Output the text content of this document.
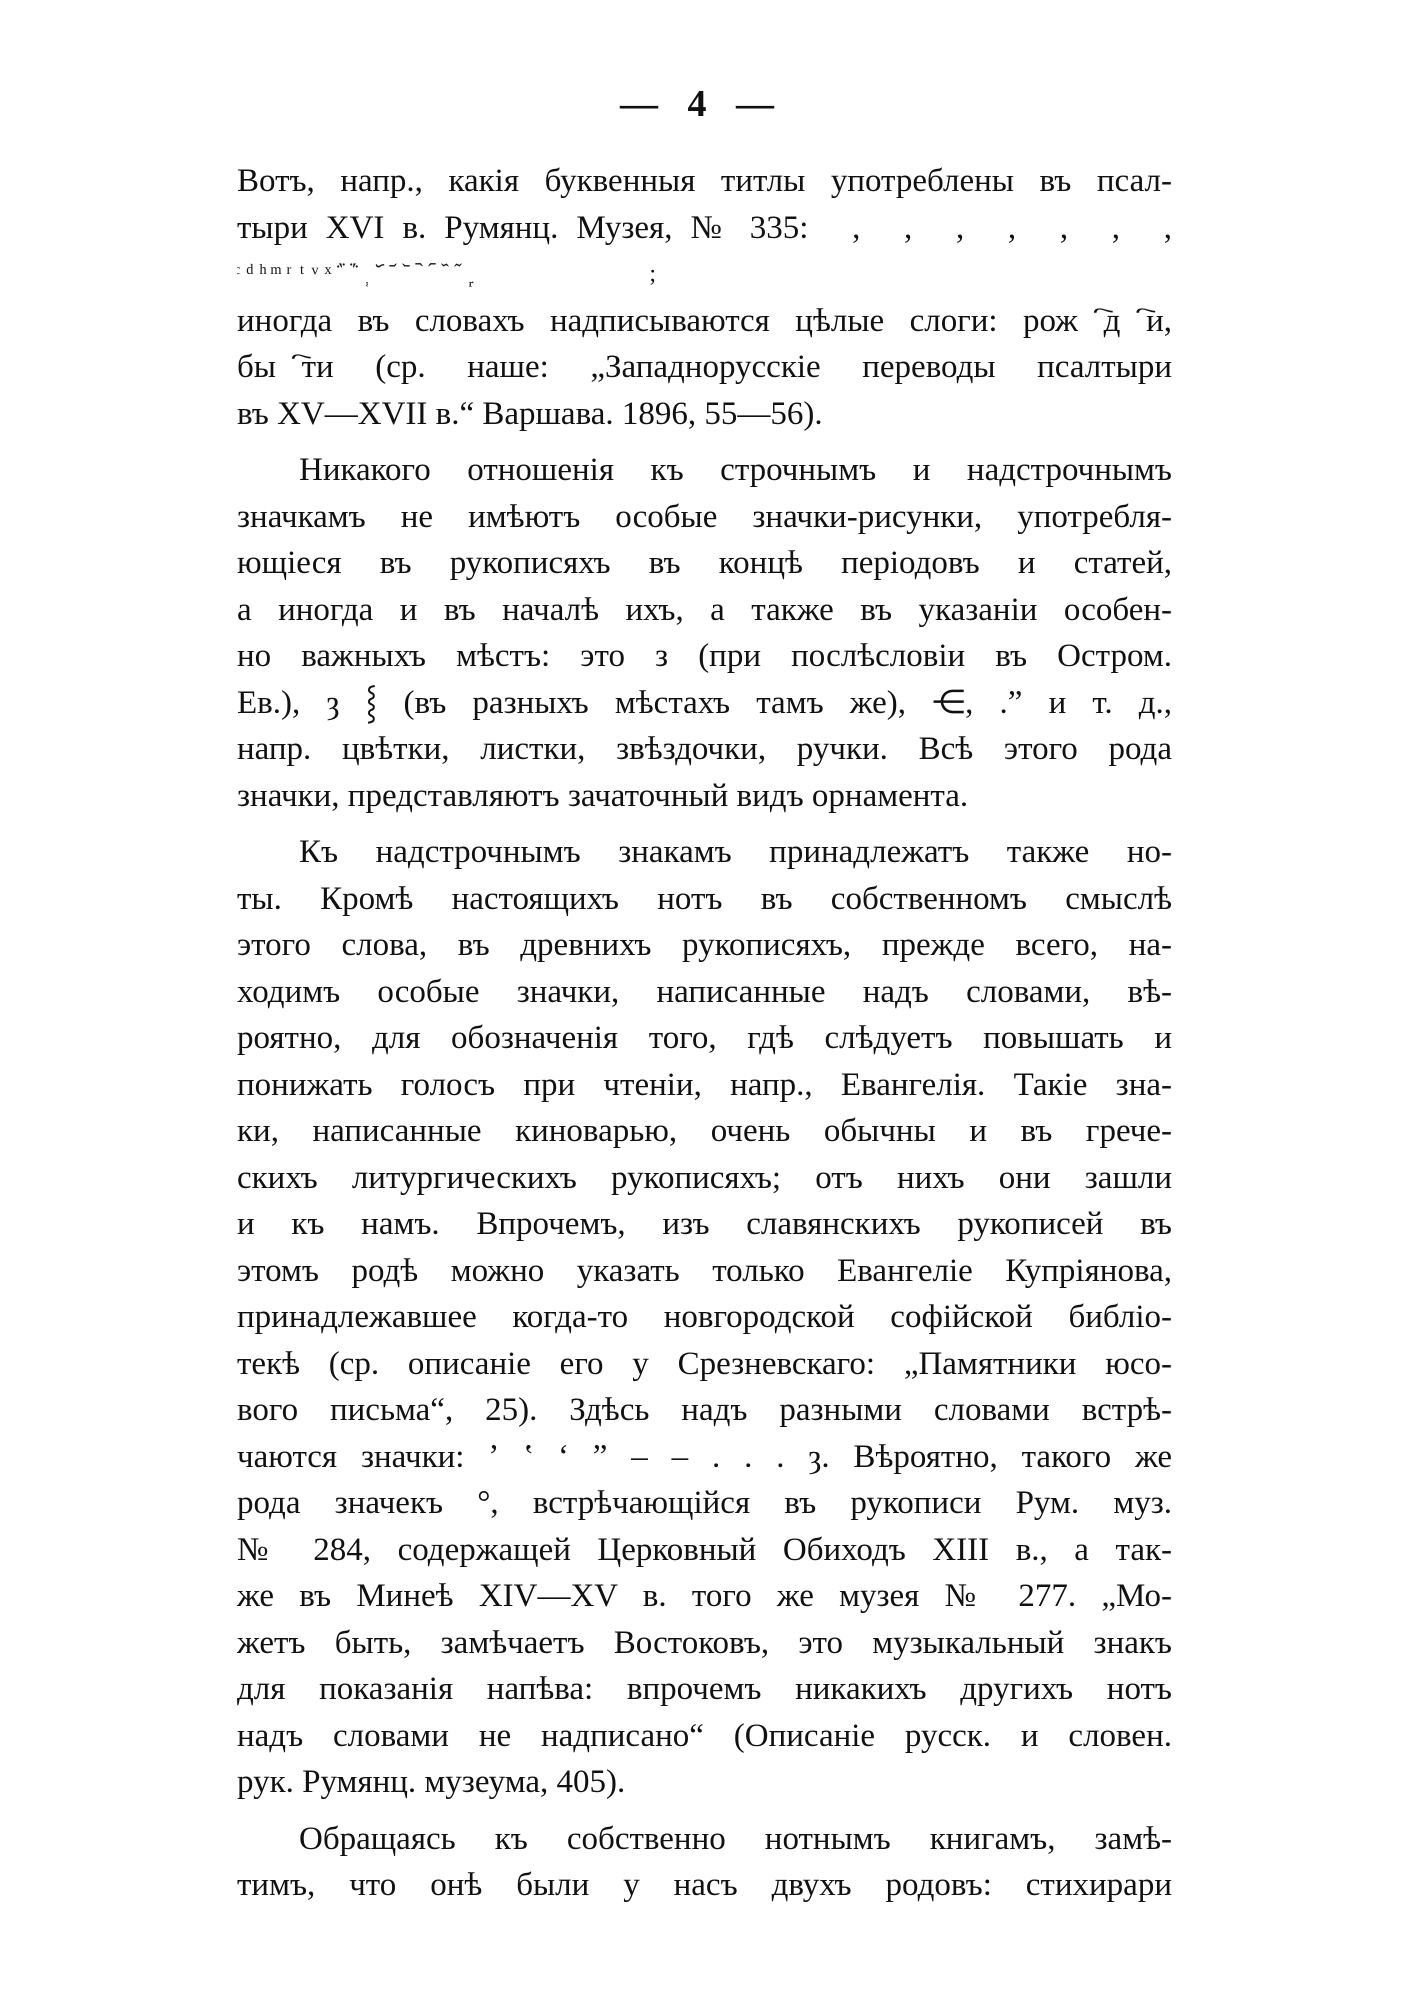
— 4 —

Вотъ, напр., какія буквенныя титлы употреблены въ псал-
тыри XVI в. Румянц. Музея, № 335: ᷞ, ᷠ, ᷢ, ᷣ, ᷤ, ᷥ, ᷦ,
ͨ ͩ ͪ ͫ ͬ ͭ ͮ ͯ ᷀ ᷁ ᷂ ᷃ ᷄ ᷅ ᷆ ᷇ ᷈ ᷉ ᷊ ᷋ ᷌ ᷍ ᷎ ᷏ ;
иногда въ словахъ надписываются цѣлые слоги: рожⷭ҇дⷭ҇и,
быⷭ҇ти (ср. наше: „Западнорусскіе переводы псалтыри
въ XV—XVII в.“ Варшава. 1896, 55—56).

Никакого отношенія къ строчнымъ и надстрочнымъ
значкамъ не имѣютъ особые значки-рисунки, употребля-
ющіеся въ рукописяхъ въ концѣ періодовъ и статей,
а иногда и въ началѣ ихъ, а также въ указаніи особен-
но важныхъ мѣстъ: это з (при послѣсловіи въ Остром.
Ев.), ȝ ⸾ (въ разныхъ мѣстахъ тамъ же), ⋲, .ˮ и т. д.,
напр. цвѣтки, листки, звѣздочки, ручки. Всѣ этого рода
значки, представляютъ зачаточный видъ орнамента.

Къ надстрочнымъ знакамъ принадлежатъ также но-
ты. Кромѣ настоящихъ нотъ въ собственномъ смыслѣ
этого слова, въ древнихъ рукописяхъ, прежде всего, на-
ходимъ особые значки, написанные надъ словами, вѣ-
роятно, для обозначенія того, гдѣ слѣдуетъ повышать и
понижать голосъ при чтеніи, напр., Евангелія. Такіе зна-
ки, написанные киноварью, очень обычны и въ грече-
скихъ литургическихъ рукописяхъ; отъ нихъ они зашли
и къ намъ. Впрочемъ, изъ славянскихъ рукописей въ
этомъ родѣ можно указать только Евангеліе Купріянова,
принадлежавшее когда-то новгородской софійской библіо-
текѣ (ср. описаніе его у Срезневскаго: „Памятники юсо-
вого письма“, 25). Здѣсь надъ разными словами встрѣ-
чаются значки: ʼ ʽ ʻ ˮ – – . . . ȝ. Вѣроятно, такого же
рода значекъ °, встрѣчающійся въ рукописи Рум. муз.
№ 284, содержащей Церковный Обиходъ XIII в., а так-
же въ Минеѣ XIV—XV в. того же музея № 277. „Мо-
жетъ быть, замѣчаетъ Востоковъ, это музыкальный знакъ
для показанія напѣва: впрочемъ никакихъ другихъ нотъ
надъ словами не надписано“ (Описаніе русск. и словен.
рук. Румянц. музеума, 405).

Обращаясь къ собственно нотнымъ книгамъ, замѣ-
тимъ, что онѣ были у насъ двухъ родовъ: стихирари
